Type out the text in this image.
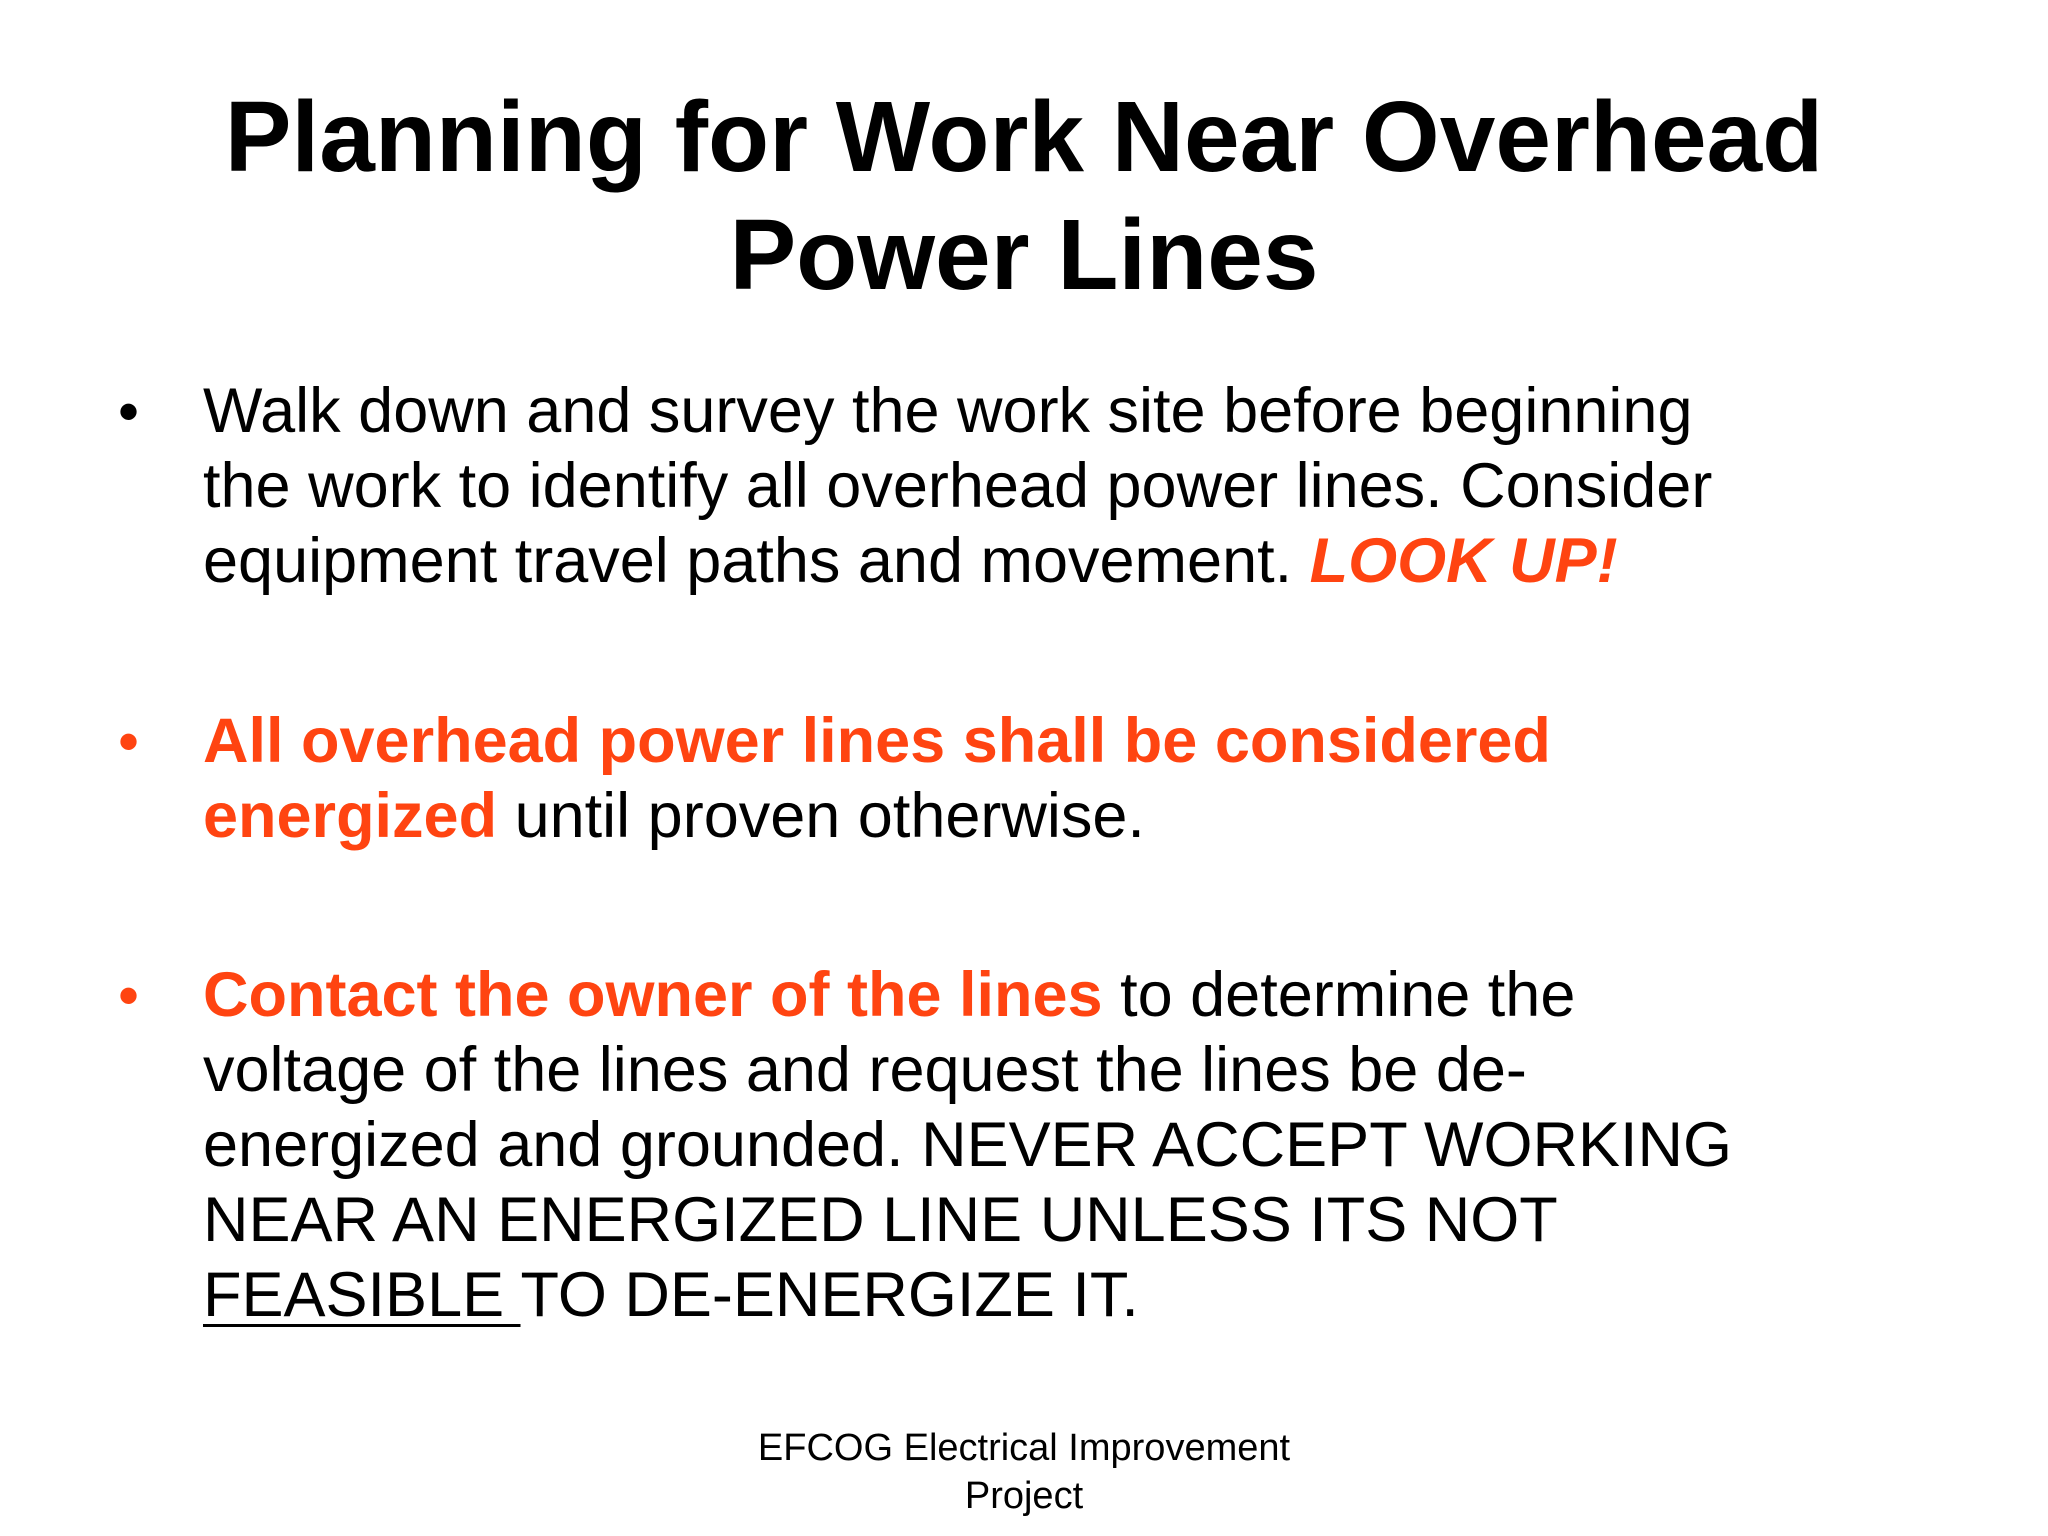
Planning for Work Near Overhead
Power Lines
• Walk down and survey the work site before beginning
the work to identify all overhead power lines. Consider
equipment travel paths and movement. LOOK UP!

• All overhead power lines shall be considered
energized until proven otherwise.

• Contact the owner of the lines to determine the
voltage of the lines and request the lines be de-
energized and grounded. NEVER ACCEPT WORKING
NEAR AN ENERGIZED LINE UNLESS ITS NOT
FEASIBLE TO DE-ENERGIZE IT.

EFCOG Electrical Improvement
Project
